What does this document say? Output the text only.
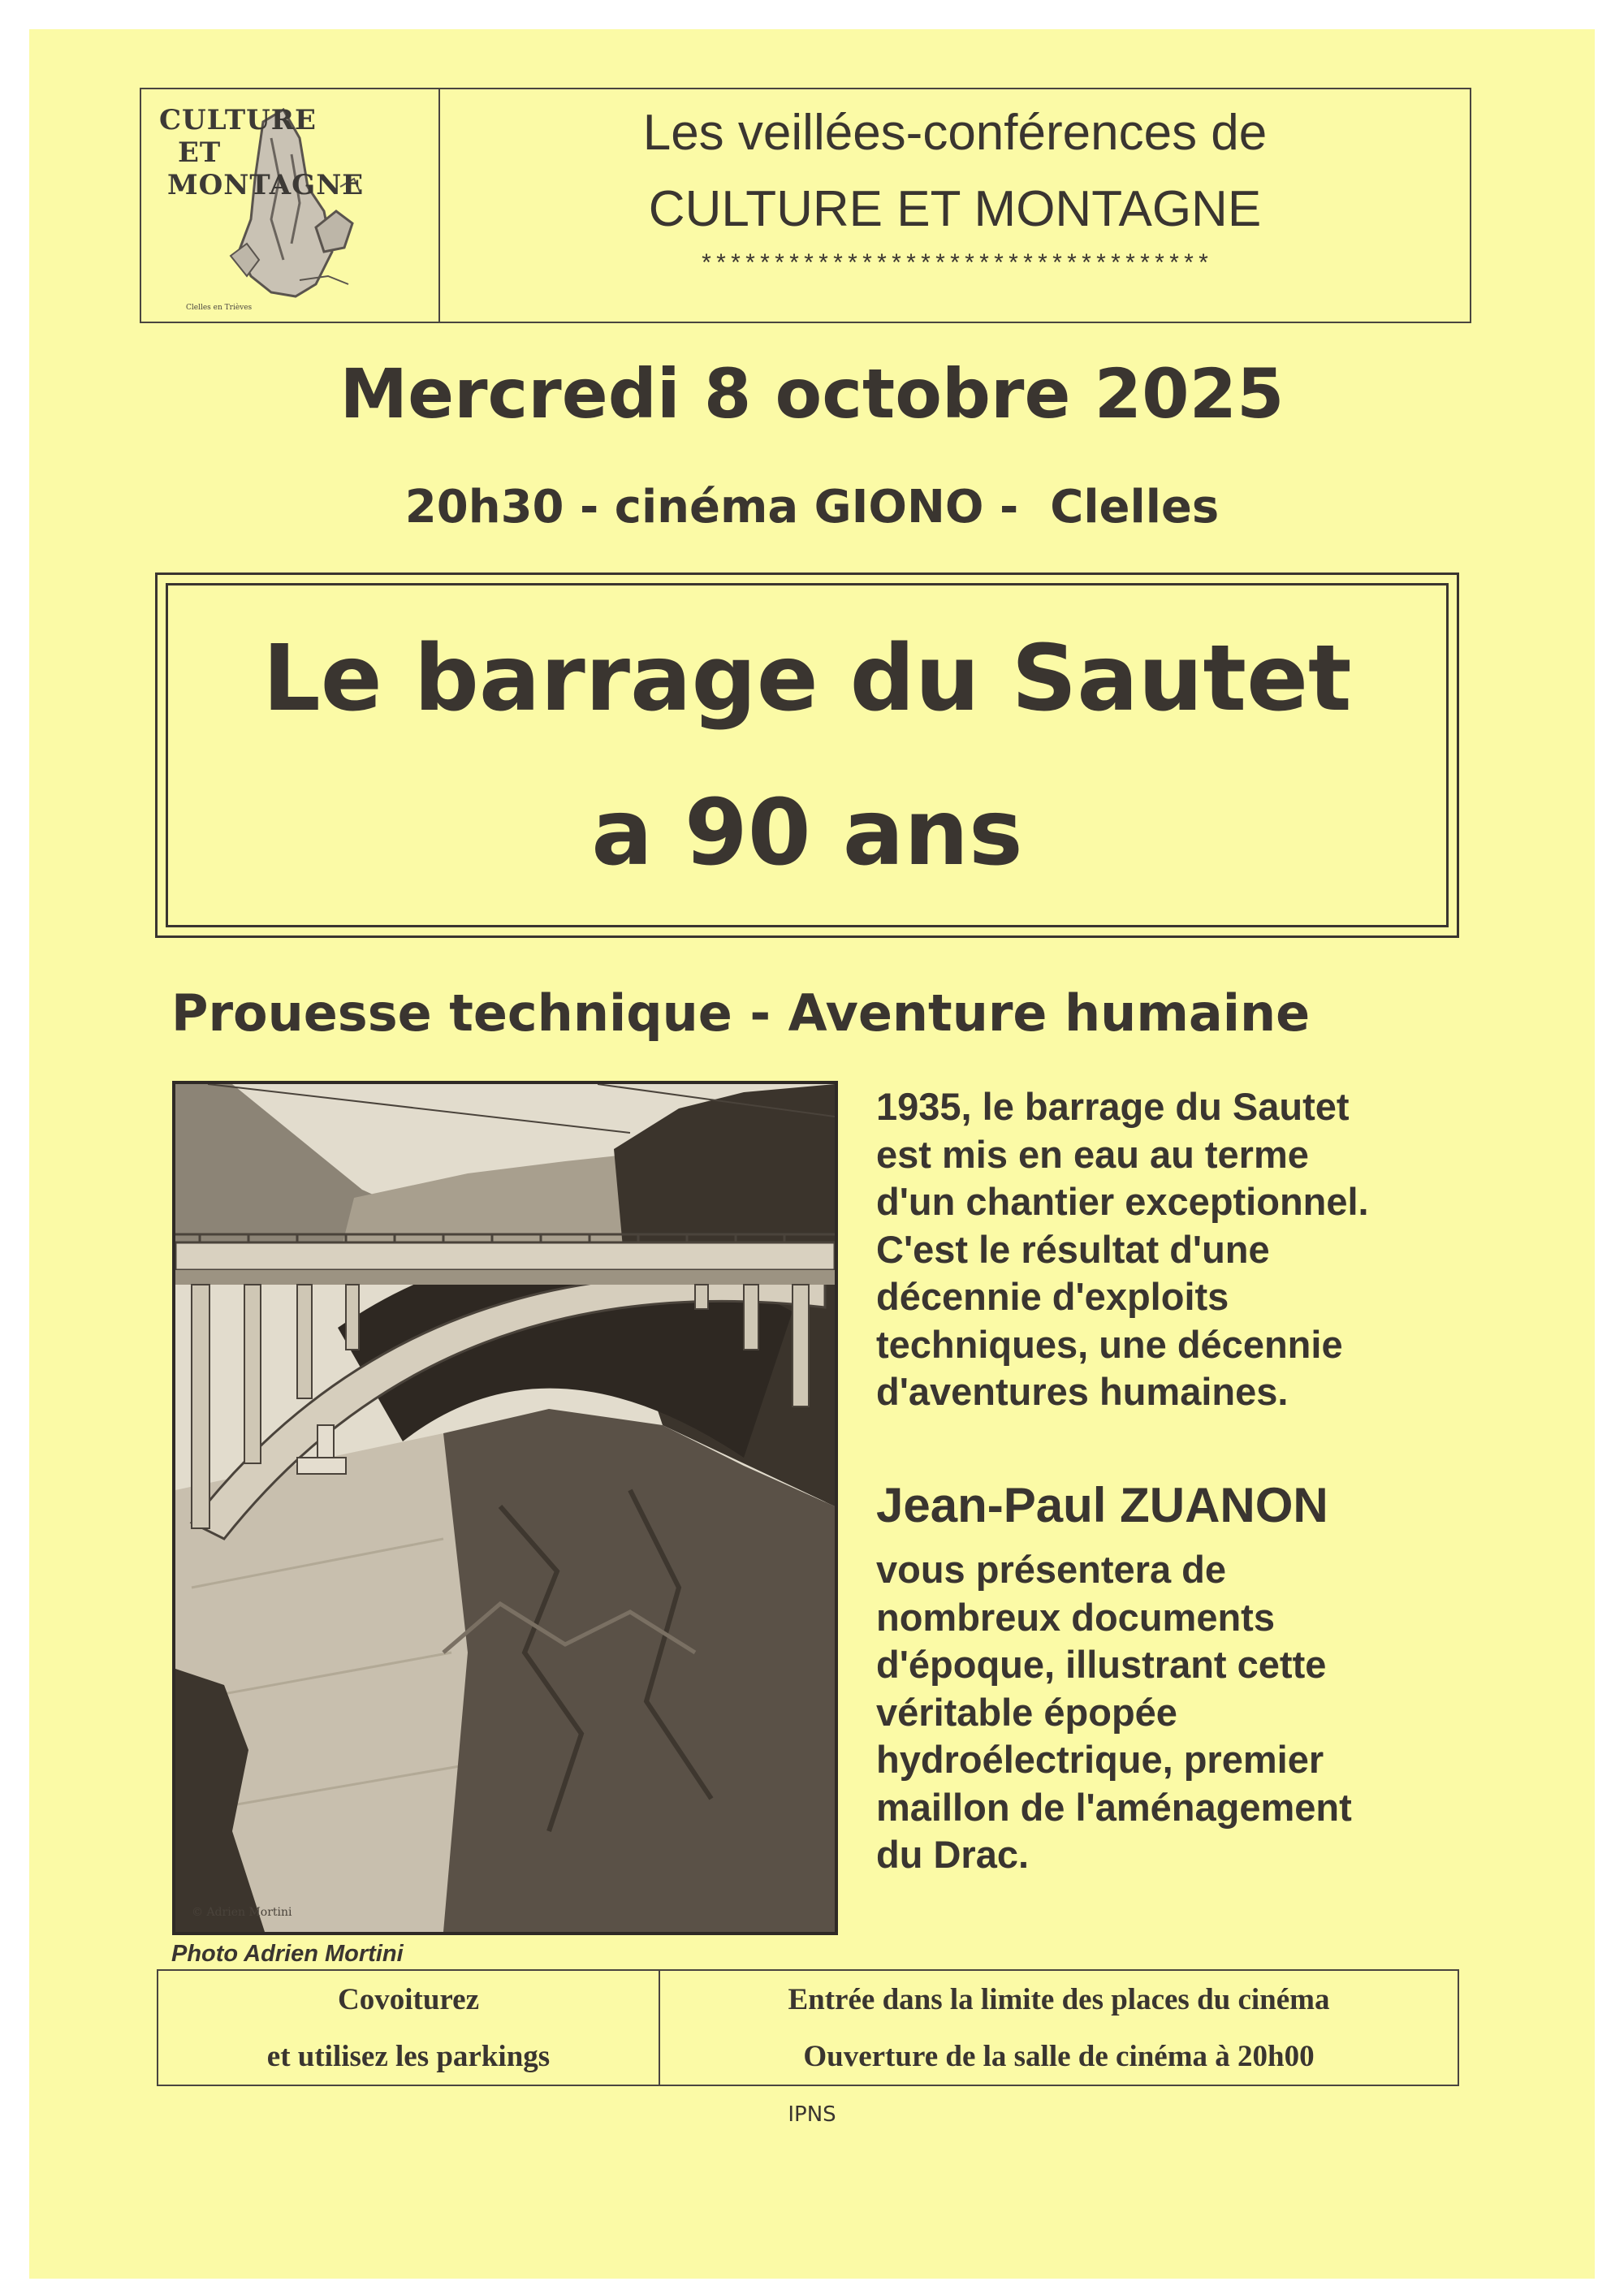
CULTURE
ET
MONTAGNE
Clelles en Trièves
Les veillées-conférences de
CULTURE ET MONTAGNE
***********************************
Mercredi 8 octobre 2025
20h30 - cinéma GIONO -  Clelles
Le barrage du Sautet
a 90 ans
Prouesse technique - Aventure humaine
© Adrien Mortini
Photo Adrien Mortini

1935, le barrage du Sautet

est mis en eau au terme

d'un chantier exceptionnel.

C'est le résultat d'une

décennie d'exploits

techniques, une décennie

d'aventures humaines.

Jean-Paul ZUANON
vous présentera de
nombreux documents
d'époque, illustrant cette
véritable épopée
hydroélectrique, premier
maillon de l'aménagement
du Drac.
Covoiturez
et utilisez les parkings
Entrée dans la limite des places du cinéma
Ouverture de la salle de cinéma à 20h00
IPNS
